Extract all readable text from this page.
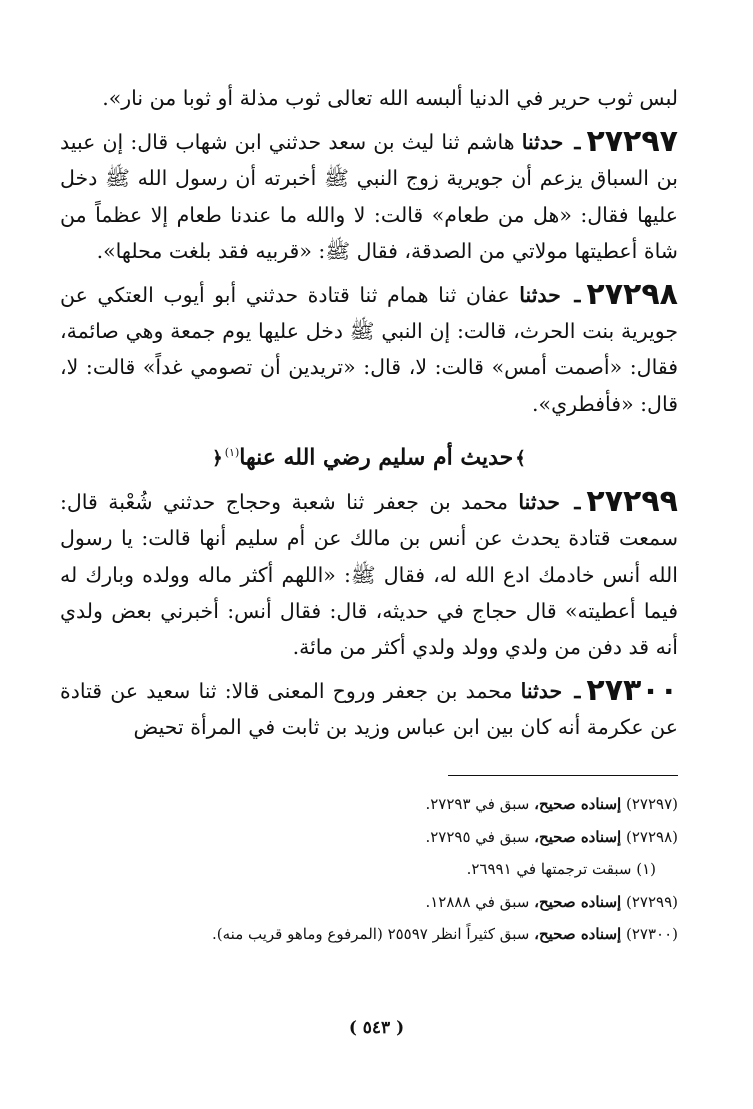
لبس ثوب حرير في الدنيا ألبسه الله تعالى ثوب مذلة أو ثوبا من نار».

٢٧٢٩٧ـ حدثنا هاشم ثنا ليث بن سعد حدثني ابن شهاب قال: إن عبيد بن السباق يزعم أن جويرية زوج النبي ﷺ أخبرته أن رسول الله ﷺ دخل عليها فقال: «هل من طعام» قالت: لا والله ما عندنا طعام إلا عظماً من شاة أعطيتها مولاتي من الصدقة، فقال ﷺ: «قربيه فقد بلغت محلها».

٢٧٢٩٨ـ حدثنا عفان ثنا همام ثنا قتادة حدثني أبو أيوب العتكي عن جويرية بنت الحرث، قالت: إن النبي ﷺ دخل عليها يوم جمعة وهي صائمة، فقال: «أصمت أمس» قالت: لا، قال: «تريدين أن تصومي غداً» قالت: لا، قال: «فأفطري».

﴾حديث أم سليم رضي الله عنها$^{(١)}$﴿

٢٧٢٩٩ـ حدثنا محمد بن جعفر ثنا شعبة وحجاج حدثني شُعْبة قال: سمعت قتادة يحدث عن أنس بن مالك عن أم سليم أنها قالت: يا رسول الله أنس خادمك ادع الله له، فقال ﷺ: «اللهم أكثر ماله وولده وبارك له فيما أعطيته» قال حجاج في حديثه، قال: فقال أنس: أخبرني بعض ولدي أنه قد دفن من ولدي وولد ولدي أكثر من مائة.

٢٧٣٠٠ـ حدثنا محمد بن جعفر وروح المعنى قالا: ثنا سعيد عن قتادة عن عكرمة أنه كان بين ابن عباس وزيد بن ثابت في المرأة تحيض

(٢٧٢٩٧) إسناده صحيح، سبق في ٢٧٢٩٣.

(٢٧٢٩٨) إسناده صحيح، سبق في ٢٧٢٩٥.

(١) سبقت ترجمتها في ٢٦٩٩١.

(٢٧٢٩٩) إسناده صحيح، سبق في ١٢٨٨٨.

(٢٧٣٠٠) إسناده صحيح، سبق كثيراً انظر ٢٥٥٩٧ (المرفوع وماهو قريب منه).

( ٥٤٣ )
